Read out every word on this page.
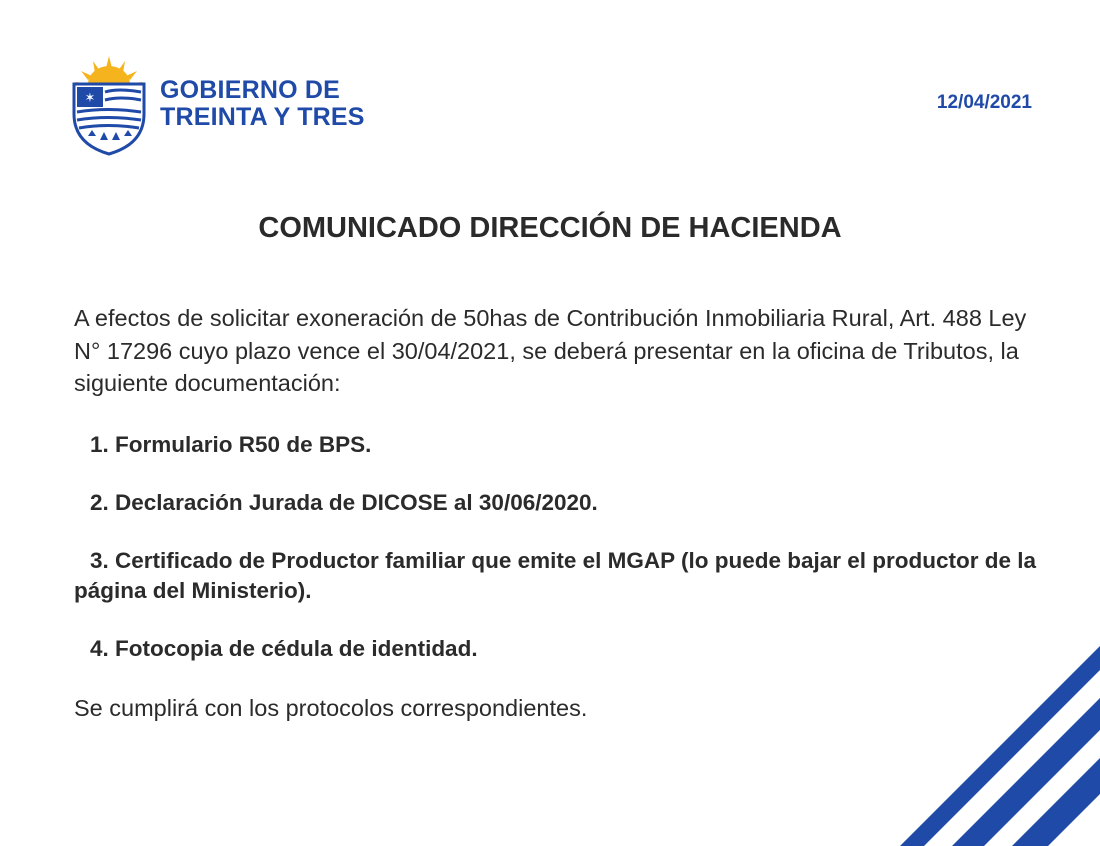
✶	GOBIERNO DE
TREINTA Y TRES
12/04/2021
COMUNICADO DIRECCIÓN DE HACIENDA

A efectos de solicitar exoneración de 50has de Contribución Inmobiliaria Rural, Art. 488 Ley N° 17296 cuyo plazo vence el 30/04/2021, se deberá presentar en la oficina de Tributos, la siguiente documentación:

1. Formulario R50 de BPS.
2. Declaración Jurada de DICOSE al 30/06/2020.
3. Certificado de Productor familiar que emite el MGAP (lo puede bajar el productor de la página del Ministerio).
4. Fotocopia de cédula de identidad.

Se cumplirá con los protocolos correspondientes.
